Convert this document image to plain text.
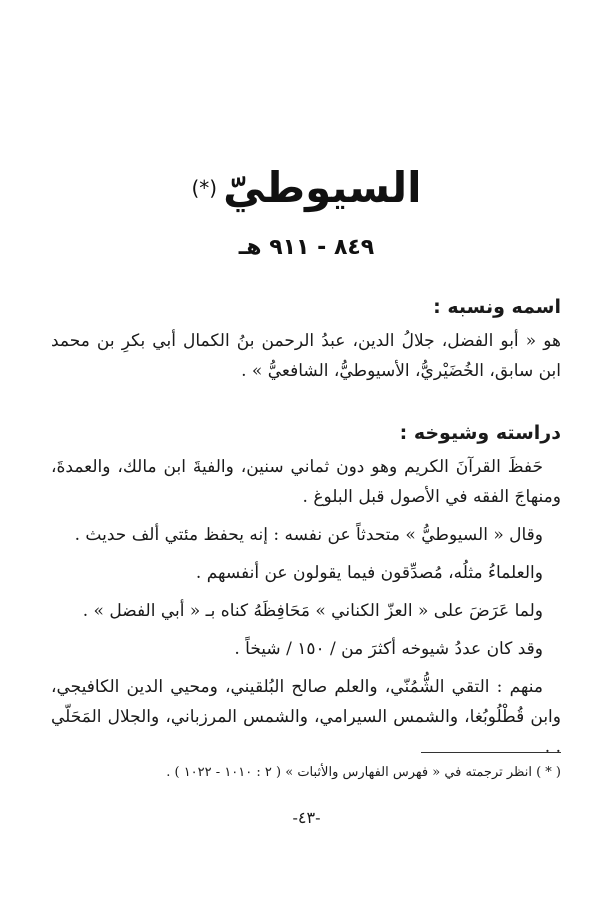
السيوطيّ(*)
٨٤٩ - ٩١١ هـ
اسمه ونسبه :
هو « أبو الفضل، جلالُ الدين، عبدُ الرحمن بنُ الكمال أبي بكرِ بن محمد ابن سابق، الخُضَيْريُّ، الأسيوطيُّ، الشافعيُّ » .
دراسته وشيوخه :
حَفظَ القرآنَ الكريم وهو دون ثماني سنين، والفيةَ ابن مالك، والعمدةَ، ومنهاجَ الفقه في الأصول قبل البلوغ .
وقال « السيوطيُّ » متحدثاً عن نفسه : إنه يحفظ مئتي ألف حديث .
والعلماءُ مثلُه، مُصدِّقون فيما يقولون عن أنفسهم .
ولما عَرَضَ على « العزّ الكناني » مَحَافِظَهُ كناه بـ « أبي الفضل » .
وقد كان عددُ شيوخه أكثرَ من / ١٥٠ / شيخاً .
منهم : التقي الشُّمُنّي، والعلم صالح البُلقيني، ومحيي الدين الكافيجي، وابن قُطْلُوبُغا، والشمس السيرامي، والشمس المرزباني، والجلال المَحَلّي . .
( * ) انظر ترجمته في « فهرس الفهارس والأثبات » ( ٢ : ١٠١٠ - ١٠٢٢ ) .
-٤٣-
